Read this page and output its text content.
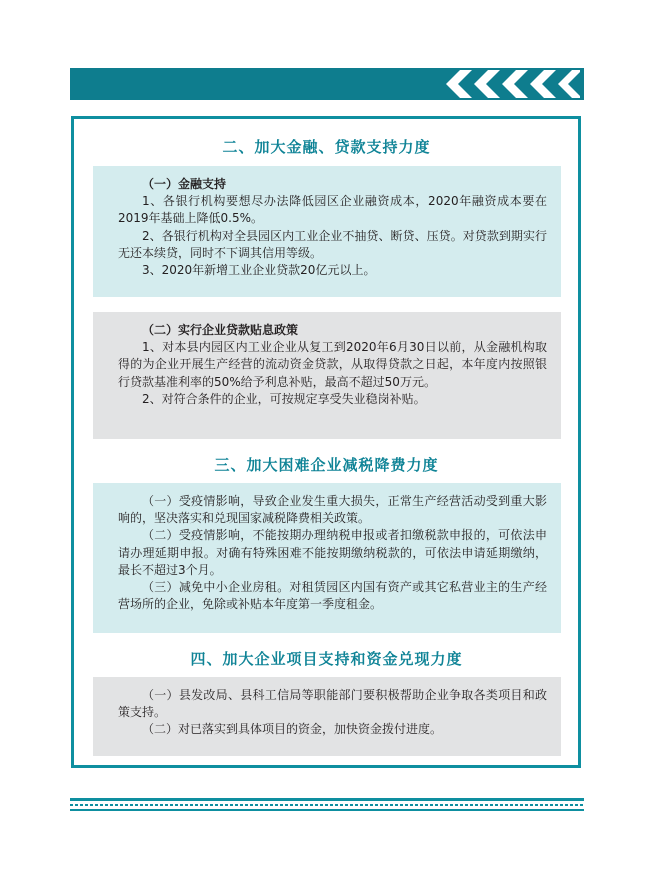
二、加大金融、贷款支持力度

（一）金融支持

1、各银行机构要想尽办法降低园区企业融资成本，2020年融资成本要在2019年基础上降低0.5%。

2、各银行机构对全县园区内工业企业不抽贷、断贷、压贷。对贷款到期实行无还本续贷，同时不下调其信用等级。

3、2020年新增工业企业贷款20亿元以上。

（二）实行企业贷款贴息政策

1、对本县内园区内工业企业从复工到2020年6月30日以前，从金融机构取得的为企业开展生产经营的流动资金贷款，从取得贷款之日起，本年度内按照银行贷款基准利率的50%给予利息补贴，最高不超过50万元。

2、对符合条件的企业，可按规定享受失业稳岗补贴。

三、加大困难企业减税降费力度

（一）受疫情影响，导致企业发生重大损失，正常生产经营活动受到重大影响的，坚决落实和兑现国家减税降费相关政策。

（二）受疫情影响，不能按期办理纳税申报或者扣缴税款申报的，可依法申请办理延期申报。对确有特殊困难不能按期缴纳税款的，可依法申请延期缴纳，最长不超过3个月。

（三）减免中小企业房租。对租赁园区内国有资产或其它私营业主的生产经营场所的企业，免除或补贴本年度第一季度租金。

四、加大企业项目支持和资金兑现力度

（一）县发改局、县科工信局等职能部门要积极帮助企业争取各类项目和政策支持。

（二）对已落实到具体项目的资金，加快资金拨付进度。
